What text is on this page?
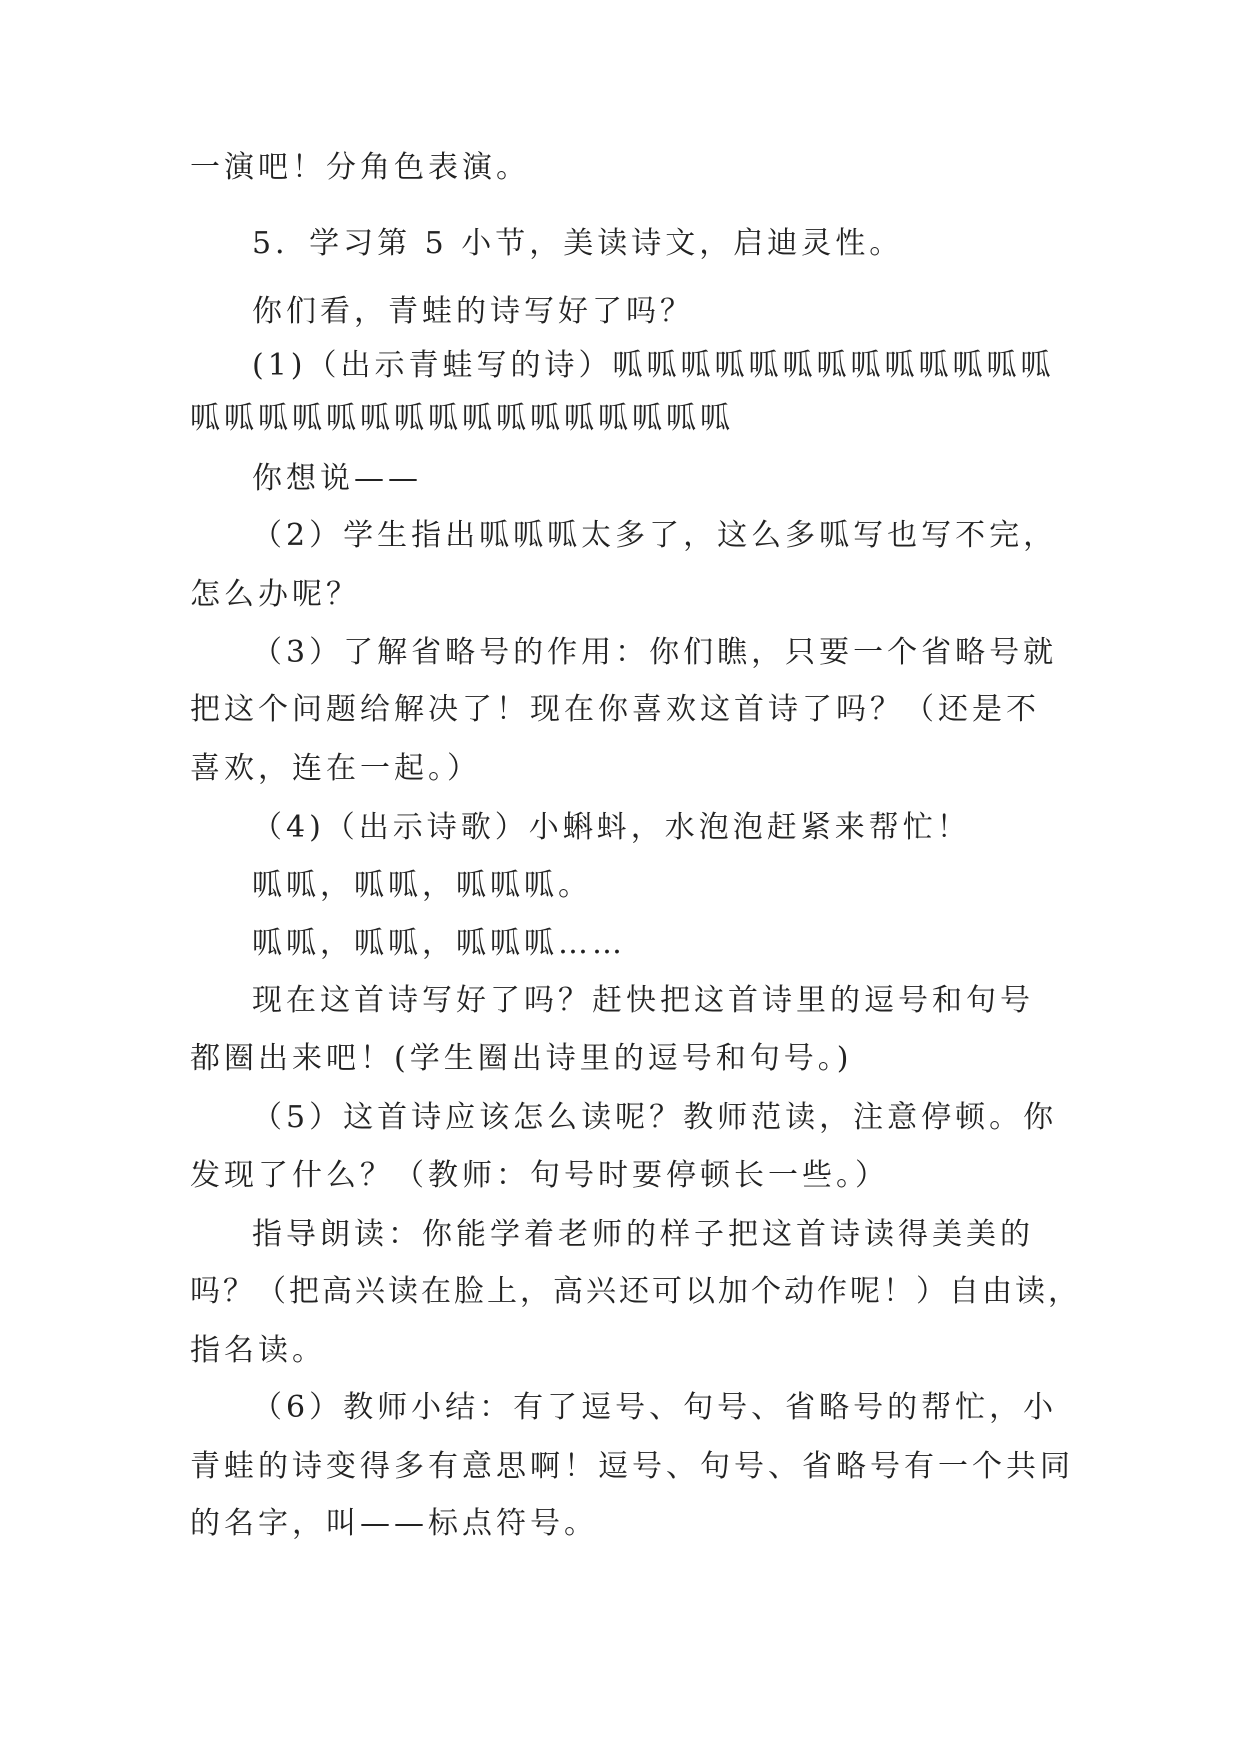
一演吧！分角色表演。
5．学习第 5 小节，美读诗文，启迪灵性。
你们看，青蛙的诗写好了吗？
(1)（出示青蛙写的诗）呱呱呱呱呱呱呱呱呱呱呱呱呱
呱呱呱呱呱呱呱呱呱呱呱呱呱呱呱呱
你想说——
（2）学生指出呱呱呱太多了，这么多呱写也写不完，
怎么办呢？
（3）了解省略号的作用：你们瞧，只要一个省略号就
把这个问题给解决了！现在你喜欢这首诗了吗？（还是不
喜欢，连在一起。）
（4)（出示诗歌）小蝌蚪，水泡泡赶紧来帮忙！
呱呱，呱呱，呱呱呱。
呱呱，呱呱，呱呱呱……
现在这首诗写好了吗？赶快把这首诗里的逗号和句号
都圈出来吧！(学生圈出诗里的逗号和句号。)
（5）这首诗应该怎么读呢？教师范读，注意停顿。你
发现了什么？（教师：句号时要停顿长一些。）
指导朗读：你能学着老师的样子把这首诗读得美美的
吗？（把高兴读在脸上，高兴还可以加个动作呢！）自由读，
指名读。
（6）教师小结：有了逗号、句号、省略号的帮忙，小
青蛙的诗变得多有意思啊！逗号、句号、省略号有一个共同
的名字，叫——标点符号。
